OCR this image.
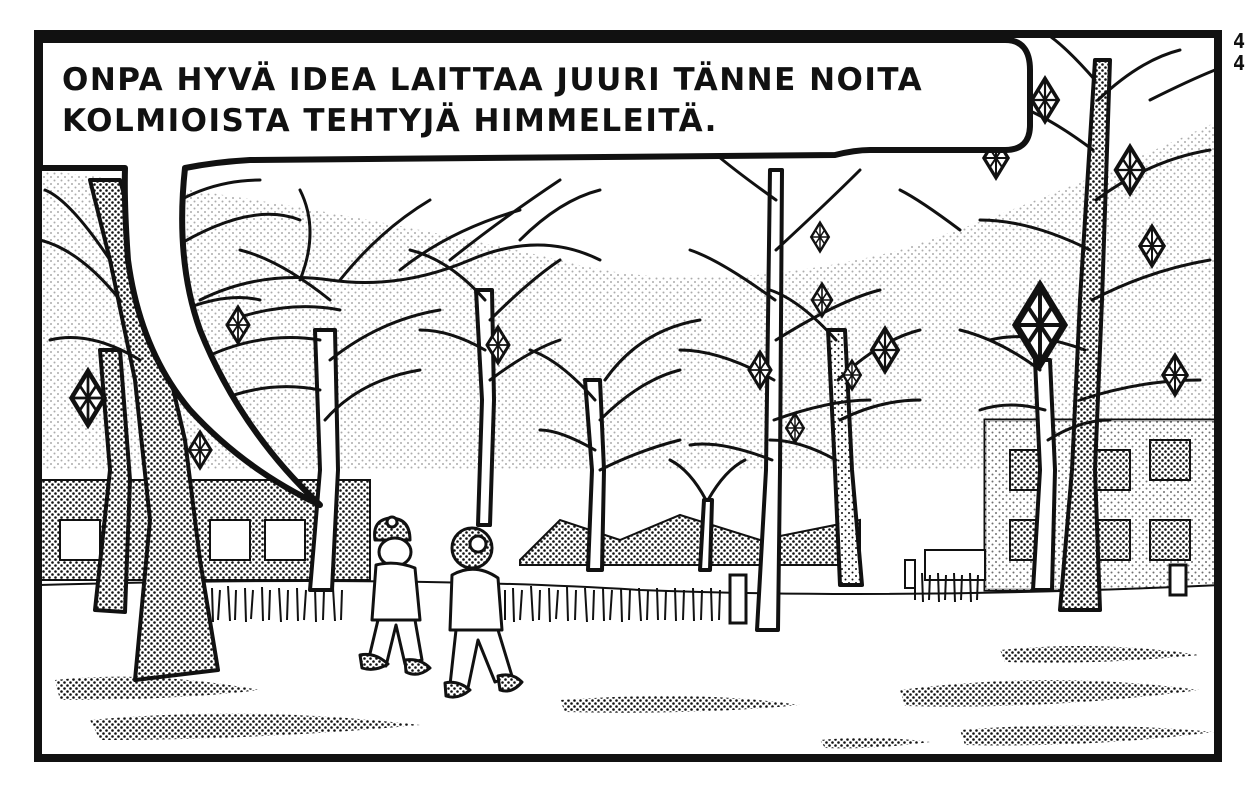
ONPA HYVÄ IDEA LAITTAA JUURI TÄNNE NOITA
KOLMIOISTA TEHTYJÄ HIMMELEITÄ.
4
4
